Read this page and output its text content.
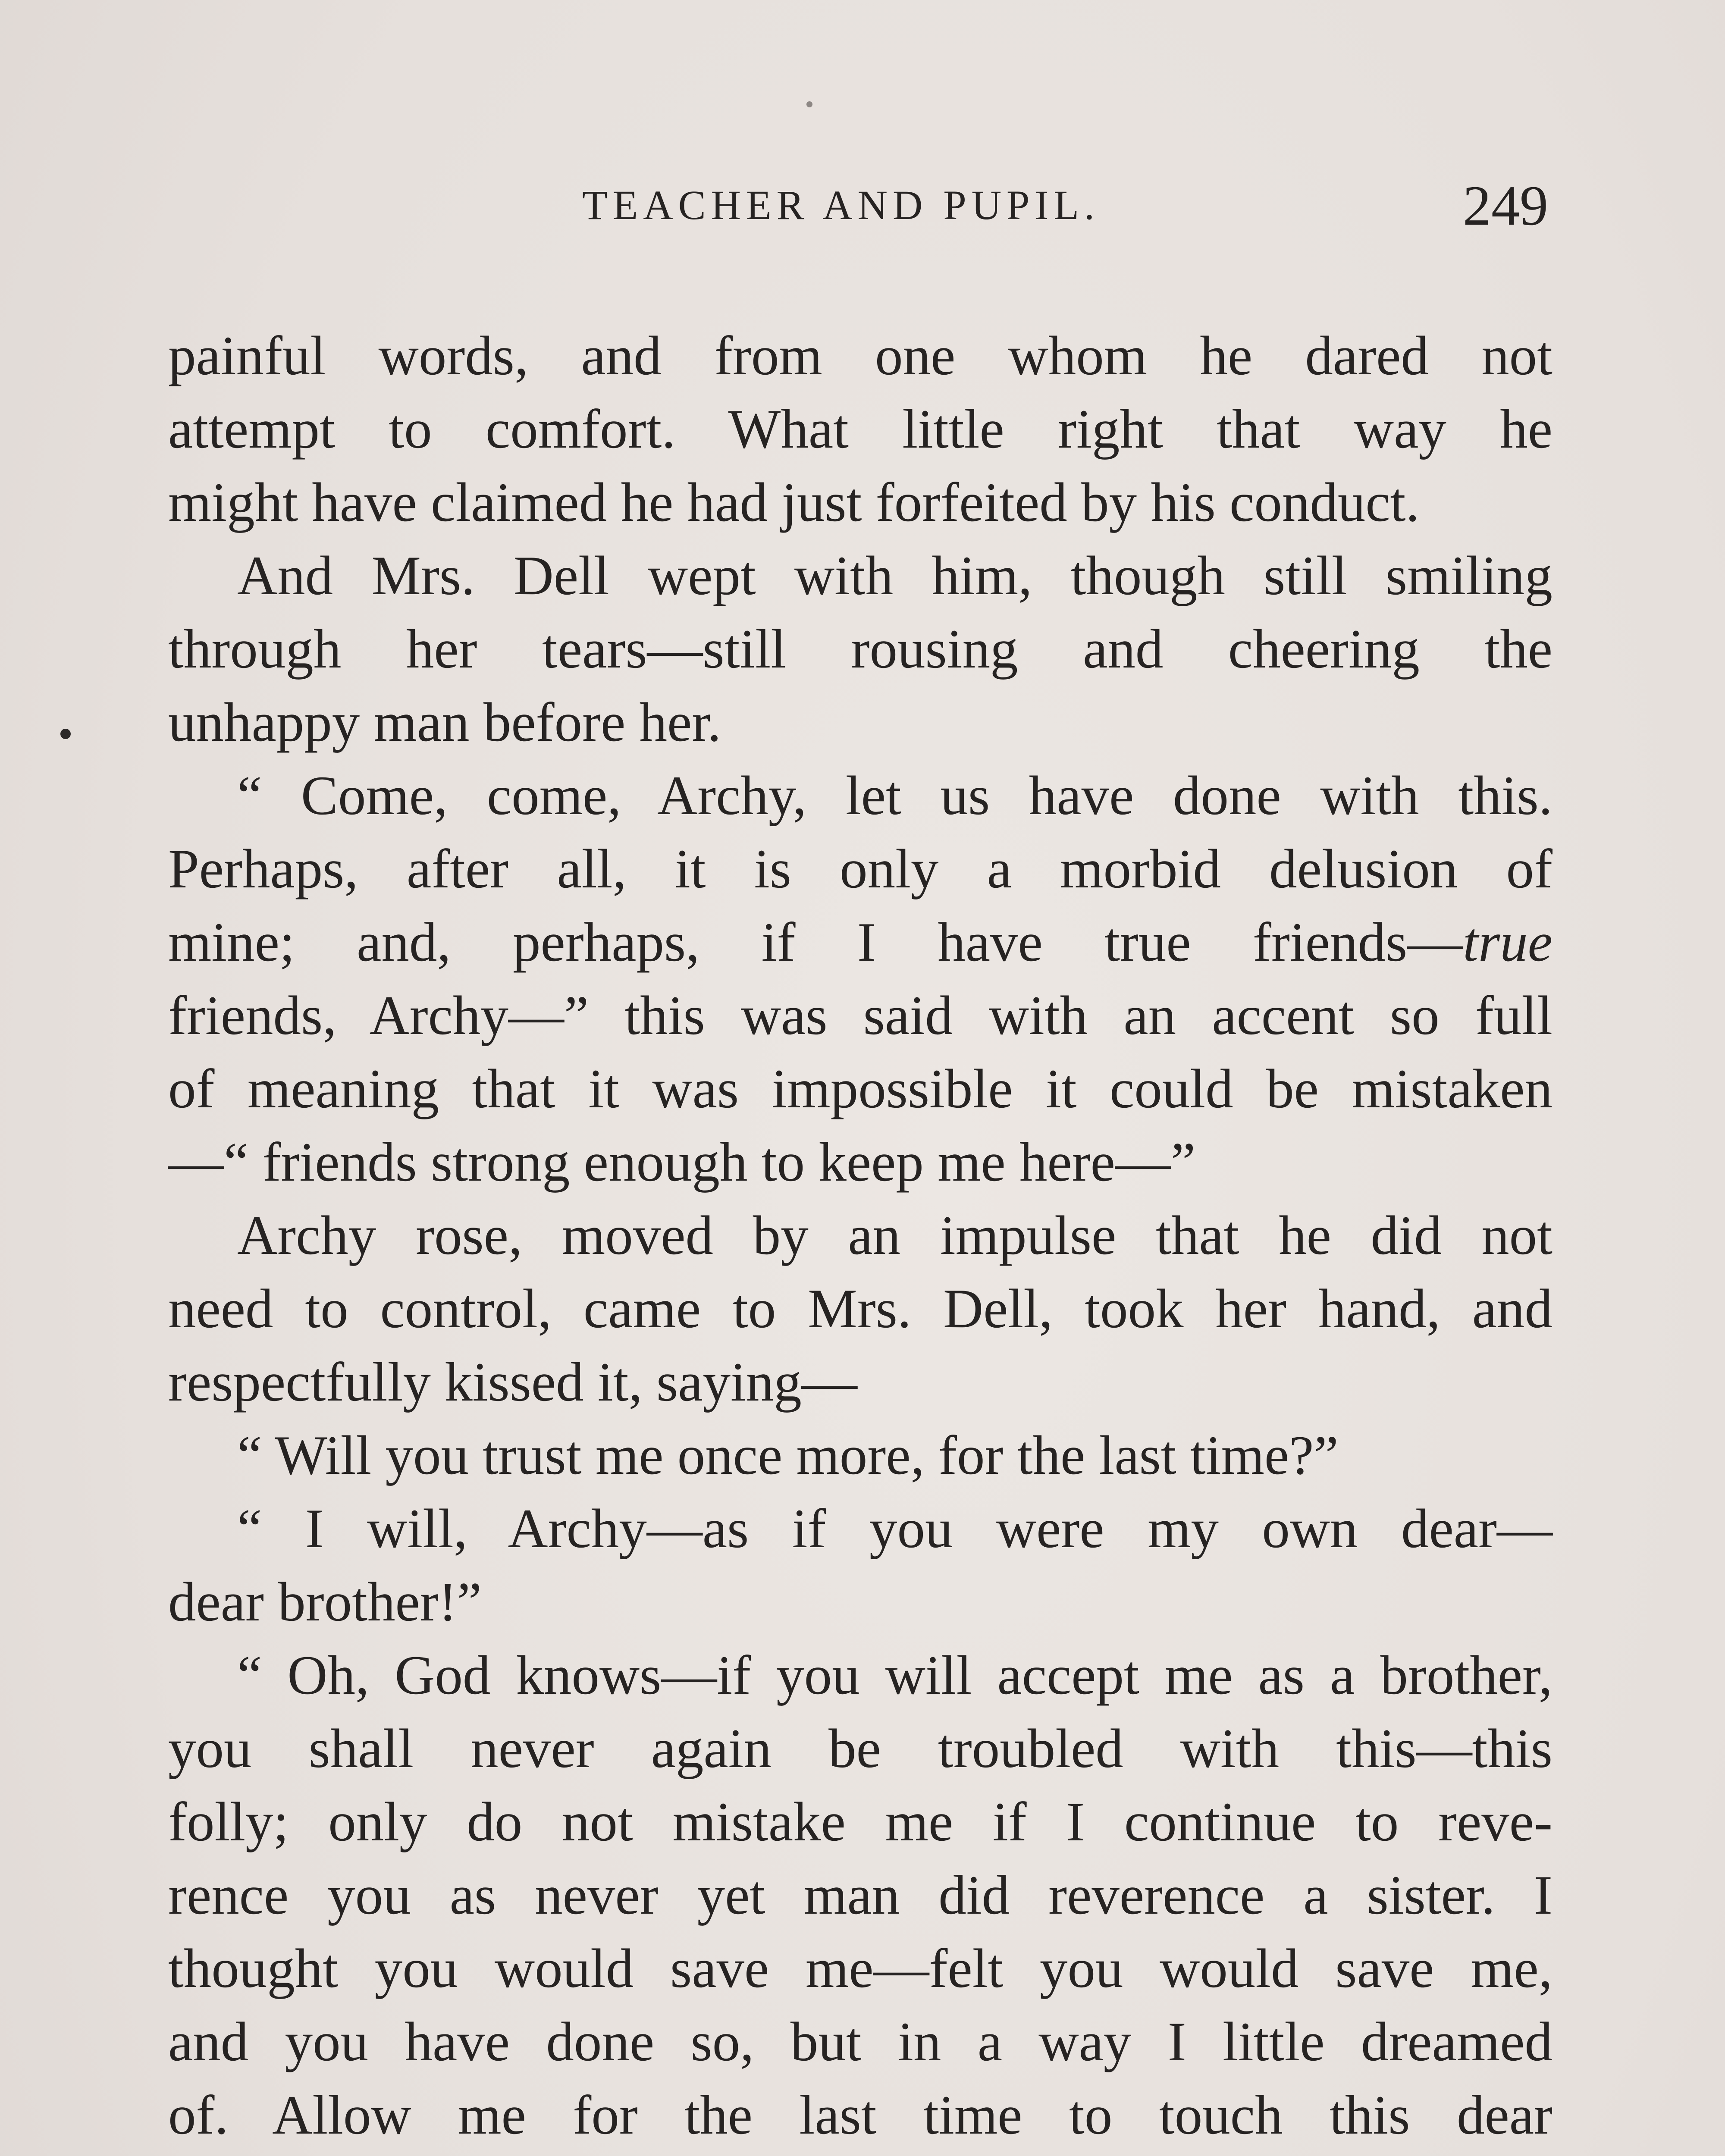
TEACHER AND PUPIL.	249
painful words, and from one whom he dared not
attempt to comfort. What little right that way he
might have claimed he had just forfeited by his conduct.
And Mrs. Dell wept with him, though still smiling
through her tears—still rousing and cheering the
unhappy man before her.
“ Come, come, Archy, let us have done with this.
Perhaps, after all, it is only a morbid delusion of
mine; and, perhaps, if I have true friends—true
friends, Archy—” this was said with an accent so full
of meaning that it was impossible it could be mistaken
—“ friends strong enough to keep me here—”
Archy rose, moved by an impulse that he did not
need to control, came to Mrs. Dell, took her hand, and
respectfully kissed it, saying—
“ Will you trust me once more, for the last time?”
“ I will, Archy—as if you were my own dear—
dear brother!”
“ Oh, God knows—if you will accept me as a brother,
you shall never again be troubled with this—this
folly; only do not mistake me if I continue to reve-
rence you as never yet man did reverence a sister. I
thought you would save me—felt you would save me,
and you have done so, but in a way I little dreamed
of. Allow me for the last time to touch this dear
